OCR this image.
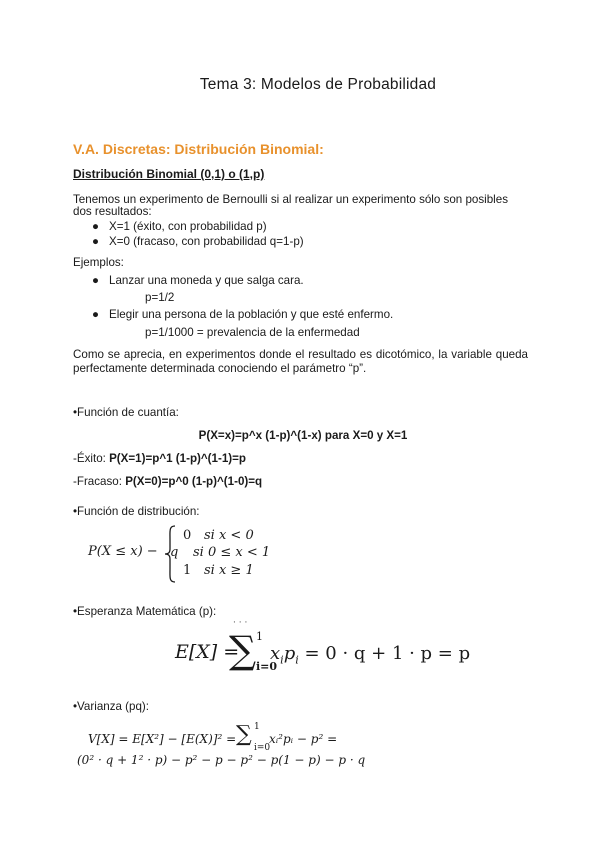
Tema 3: Modelos de Probabilidad
V.A. Discretas: Distribución Binomial:
Distribución Binomial (0,1) o (1,p)
Tenemos un experimento de Bernoulli si al realizar un experimento sólo son posibles
dos resultados:
● X=1 (éxito, con probabilidad p)
● X=0 (fracaso, con probabilidad q=1-p)
Ejemplos:
● Lanzar una moneda y que salga cara.
p=1/2
● Elegir una persona de la población y que esté enfermo.
p=1/1000 = prevalencia de la enfermedad
Como se aprecia, en experimentos donde el resultado es dicotómico, la variable queda perfectamente determinada conociendo el parámetro “p”.
•Función de cuantía:
P(X=x)=p^x (1-p)^(1-x) para X=0 y X=1
-Éxito: P(X=1)=p^1 (1-p)^(1-1)=p
-Fracaso: P(X=0)=p^0 (1-p)^(1-0)=q
•Función de distribución:
P(X ≤ x) −
0 si x < 0
q si 0 ≤ x < 1
1 si x ≥ 1
•Esperanza Matemática (p):
· · ·
E[X] =
∑ 1
i=0
$x_ip_i = 0 \cdot q + 1 \cdot p = p$
•Varianza (pq):
V[X] = E[X²] − [E(X)]² = ∑ 1
i=0
xᵢ²pᵢ − p² =
(0² · q + 1² · p) − p² − p − p² − p(1 − p) − p · q
